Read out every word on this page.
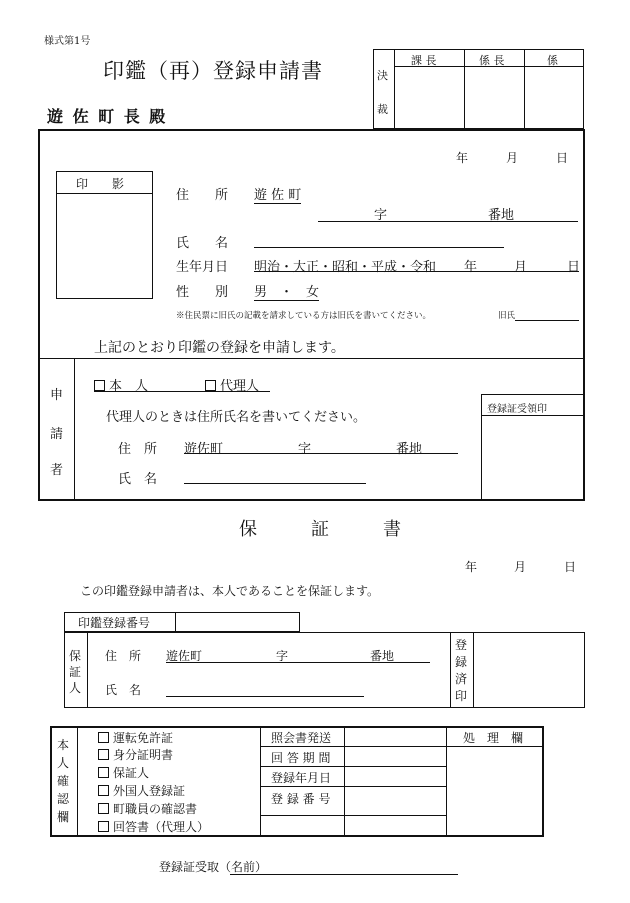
様式第1号
印鑑（再）登録申請書
遊 佐 町 長 殿
決
裁
課 長	係 長	係
年	月	日
印　　影
住　　所 遊 佐 町
字	番地
氏　　名
生年月日 明治・大正・昭和・平成・令和 年	月	日
性　　別 男　・　女
※住民票に旧氏の記載を請求している方は旧氏を書いてください。	旧氏
上記のとおり印鑑の登録を申請します。
申
請
者
本　人	代理人
代理人のときは住所氏名を書いてください。
住　所 遊佐町	字	番地
氏　名
登録証受領印
保　　　証　　　書
年	月	日
この印鑑登録申請者は、本人であることを保証します。
印鑑登録番号
保
証
人
住　所 遊佐町	字	番地
氏　名
登
録
済
印
本
人
確
認
欄
運転免許証
身分証明書
保証人
外国人登録証
町職員の確認書
回答書（代理人）
照会書発送
回 答 期 間
登録年月日
登 録 番 号
処　理　欄
登録証受取（名前）
